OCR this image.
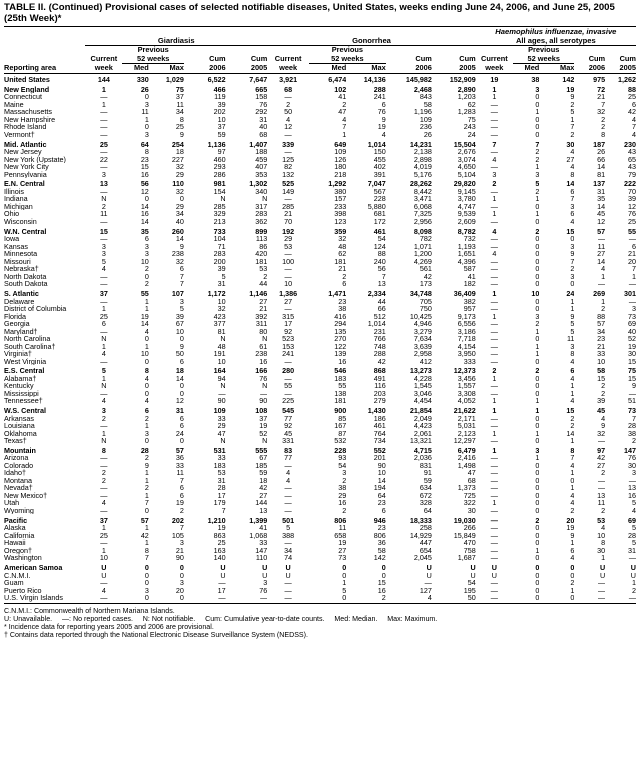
TABLE II. (Continued) Provisional cases of selected notifiable diseases, United States, weeks ending June 24, 2006, and June 25, 2005
(25th Week)*
											Haemophilus influenzae, invasive				
	Giardiasis					Gonorrhea					All ages, all serotypes				
		Previous					Previous					Previous			
	Current	52 weeks		Cum	Cum	Current	52 weeks		Cum	Cum	Current	52 weeks		Cum	Cum
Reporting area	week	Med	Max	2006	2005	week	Med	Max	2006	2005	week	Med	Max	2006	2005
United States	144	330	1,029	6,522	7,647	3,921	6,474	14,136	145,982	152,909	19	38	142	975	1,262
New England	1	26	75	466	665	68	102	288	2,468	2,890	1	3	19	72	88
Connecticut	—	0	37	119	158	—	41	241	843	1,203	1	0	9	21	25
Maine	1	3	11	39	76	2	2	6	58	62	—	0	2	7	6
Massachusetts	—	11	34	202	292	50	47	76	1,196	1,283	—	1	5	32	42
New Hampshire	—	1	8	10	31	4	4	9	109	75	—	0	1	2	4
Rhode Island	—	0	25	37	40	12	7	19	236	243	—	0	7	2	7
Vermont†	—	3	9	59	68	—	1	4	26	24	—	0	2	8	4
Mid. Atlantic	25	64	254	1,136	1,407	339	649	1,014	14,231	15,504	7	7	30	187	230
New Jersey	—	8	18	97	188	—	109	150	2,138	2,676	—	2	4	26	43
New York (Upstate)	22	23	227	460	459	125	126	455	2,898	3,074	4	2	27	66	65
New York City	—	15	32	293	407	82	180	402	4,019	4,650	—	1	4	14	43
Pennsylvania	3	16	29	286	353	132	218	391	5,176	5,104	3	3	8	81	79
E.N. Central	13	56	110	981	1,302	525	1,292	7,047	28,262	29,820	2	5	14	137	222
Illinois	—	12	32	154	340	149	380	567	8,442	9,145	—	2	6	31	70
Indiana	N	0	0	N	N	—	157	228	3,471	3,780	1	1	7	35	39
Michigan	2	14	29	285	317	285	233	5,880	6,068	4,747	—	0	3	14	12
Ohio	11	16	34	329	283	21	398	681	7,325	9,539	1	1	6	45	76
Wisconsin	—	14	40	213	362	70	123	172	2,956	2,609	—	0	4	12	25
W.N. Central	15	35	260	733	899	192	359	461	8,098	8,782	4	2	15	57	55
Iowa	—	6	14	104	113	29	32	54	782	732	—	0	0	—	—
Kansas	3	3	9	71	86	53	48	124	1,071	1,193	—	0	3	11	6
Minnesota	3	3	238	283	420	—	62	88	1,200	1,651	4	0	9	27	21
Missouri	5	10	32	200	181	100	181	240	4,269	4,396	—	0	7	14	20
Nebraska†	4	2	6	39	53	—	21	56	561	587	—	0	2	4	7
North Dakota	—	0	7	5	2	—	2	7	42	41	—	0	3	1	1
South Dakota	—	2	7	31	44	10	6	13	173	182	—	0	0	—	—
S. Atlantic	37	55	107	1,172	1,146	1,386	1,471	2,334	34,748	36,409	1	10	24	269	301
Delaware	—	1	3	10	27	27	23	44	705	382	—	0	1	1	—
District of Columbia	1	1	5	32	21	—	38	66	750	957	—	0	1	2	3
Florida	25	19	39	423	392	315	416	512	10,425	9,173	1	3	9	88	73
Georgia	6	14	67	377	311	17	294	1,014	4,946	6,556	—	2	5	57	69
Maryland†	—	4	10	81	80	92	135	231	3,279	3,186	—	1	5	34	40
North Carolina	N	0	0	N	N	523	270	766	7,634	7,718	—	0	11	23	52
South Carolina†	1	1	9	48	61	153	122	748	3,639	4,154	—	1	3	21	19
Virginia†	4	10	50	191	238	241	139	288	2,958	3,950	—	1	8	33	30
West Virginia	—	0	6	10	16	—	16	42	412	333	—	0	4	10	15
E.S. Central	5	8	18	164	166	280	546	868	13,273	12,373	2	2	6	58	75
Alabama†	1	4	14	94	76	—	183	491	4,228	3,456	1	0	4	15	15
Kentucky	N	0	0	N	N	55	55	116	1,545	1,557	—	0	1	2	9
Mississippi	—	0	0	—	—	—	138	203	3,046	3,308	—	0	1	2	—
Tennessee†	4	4	12	90	90	225	181	279	4,454	4,052	1	1	4	39	51
W.S. Central	3	6	31	109	108	545	900	1,430	21,854	21,622	1	1	15	45	73
Arkansas	2	2	6	33	37	77	85	186	2,049	2,171	—	0	2	4	7
Louisiana	—	1	6	29	19	92	167	461	4,423	5,031	—	0	2	9	28
Oklahoma	1	3	24	47	52	45	87	764	2,061	2,123	1	1	14	32	38
Texas†	N	0	0	N	N	331	532	734	13,321	12,297	—	0	1	—	2
Mountain	8	28	57	531	555	83	228	552	4,715	6,479	1	3	8	97	147
Arizona	—	2	36	33	67	77	93	201	2,036	2,416	—	1	7	42	76
Colorado	—	9	33	183	185	—	54	90	831	1,498	—	0	4	27	30
Idaho†	2	1	11	53	59	4	3	10	91	47	—	0	1	2	3
Montana	2	1	7	31	18	4	2	14	59	68	—	0	0	—	—
Nevada†	—	2	6	28	42	—	38	194	634	1,373	—	0	1	—	13
New Mexico†	—	1	6	17	27	—	29	64	672	725	—	0	4	13	16
Utah	4	7	19	179	144	—	16	23	328	322	1	0	4	11	5
Wyoming	—	0	2	7	13	—	2	6	64	30	—	0	2	2	4
Pacific	37	57	202	1,210	1,399	501	806	946	18,333	19,030	—	2	20	53	69
Alaska	1	1	7	19	41	5	11	23	258	266	—	0	19	4	5
California	25	42	105	863	1,068	388	658	806	14,929	15,849	—	0	9	10	28
Hawaii	—	1	3	25	33	—	19	36	447	470	—	0	1	8	5
Oregon†	1	8	21	163	147	34	27	58	654	758	—	1	6	30	31
Washington	10	7	90	140	110	74	73	142	2,045	1,687	—	0	4	1	—
American Samoa	U	0	0	U	U	U	0	0	U	U	U	0	0	U	U
C.N.M.I.	U	0	0	U	U	U	0	0	U	U	U	0	0	U	U
Guam	—	0	3	—	3	—	1	15	—	54	—	0	2	—	1
Puerto Rico	4	3	20	17	76	—	5	16	127	195	—	0	1	—	2
U.S. Virgin Islands	—	0	0	—	—	—	0	2	4	50	—	0	0	—	—
C.N.M.I.: Commonwealth of Northern Mariana Islands.
U: Unavailable.     —: No reported cases.     N: Not notifiable.     Cum: Cumulative year-to-date counts.     Med: Median.     Max: Maximum.
* Incidence data for reporting years 2005 and 2006 are provisional.
† Contains data reported through the National Electronic Disease Surveillance System (NEDSS).
